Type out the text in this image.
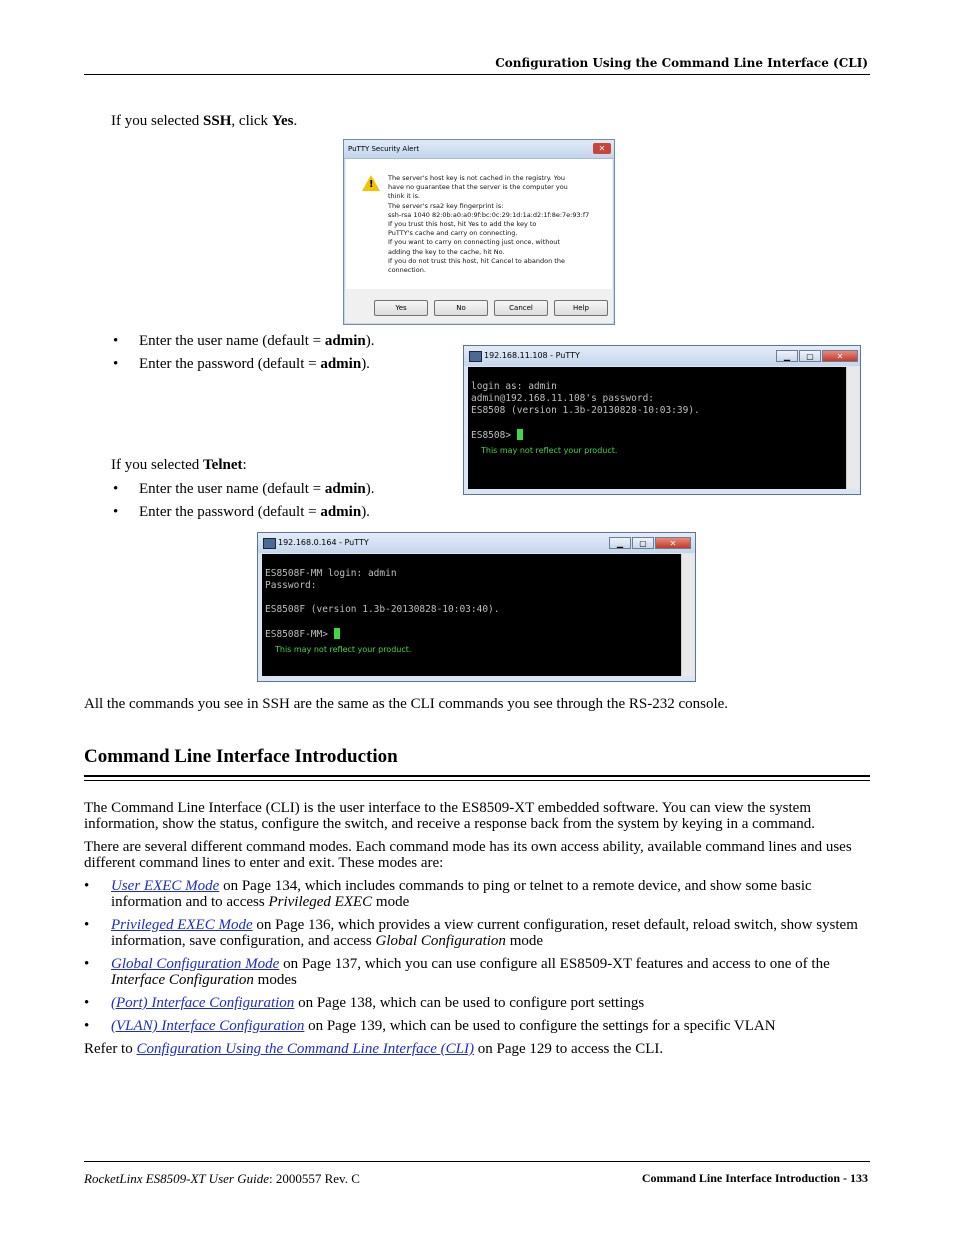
Configuration Using the Command Line Interface (CLI)
If you selected SSH, click Yes.
PuTTY Security Alert	✕
!
The server's host key is not cached in the registry. You
have no guarantee that the server is the computer you
think it is.
The server's rsa2 key fingerprint is:
ssh-rsa 1040 82:0b:a0:a0:9f:bc:0c:29:1d:1a:d2:1f:8e:7e:93:f7
If you trust this host, hit Yes to add the key to
PuTTY's cache and carry on connecting.
If you want to carry on connecting just once, without
adding the key to the cache, hit No.
If you do not trust this host, hit Cancel to abandon the
connection.
Yes	No	Cancel	Help
• Enter the user name (default = admin).
• Enter the password (default = admin).
192.168.11.108 - PuTTY	▁	▢	✕

login as: admin
admin@192.168.11.108's password:
ES8508 (version 1.3b-20130828-10:03:39).

ES8508>
This may not reflect your product.

If you selected Telnet:
• Enter the user name (default = admin).
• Enter the password (default = admin).
192.168.0.164 - PuTTY	▁	▢	✕

ES8508F-MM login: admin
Password:

ES8508F (version 1.3b-20130828-10:03:40).

ES8508F-MM>
This may not reflect your product.

All the commands you see in SSH are the same as the CLI commands you see through the RS-232 console.
Command Line Interface Introduction
The Command Line Interface (CLI) is the user interface to the ES8509-XT embedded software. You can view the system information, show the status, configure the switch, and receive a response back from the system by keying in a command.
There are several different command modes. Each command mode has its own access ability, available command lines and uses different command lines to enter and exit. These modes are:
• User EXEC Mode on Page 134, which includes commands to ping or telnet to a remote device, and show some basic information and to access Privileged EXEC mode
• Privileged EXEC Mode on Page 136, which provides a view current configuration, reset default, reload switch, show system information, save configuration, and access Global Configuration mode
• Global Configuration Mode on Page 137, which you can use configure all ES8509-XT features and access to one of the Interface Configuration modes
• (Port) Interface Configuration on Page 138, which can be used to configure port settings
• (VLAN) Interface Configuration on Page 139, which can be used to configure the settings for a specific VLAN
Refer to Configuration Using the Command Line Interface (CLI) on Page 129 to access the CLI.
RocketLinx ES8509-XT User Guide: 2000557 Rev. C	Command Line Interface Introduction - 133
